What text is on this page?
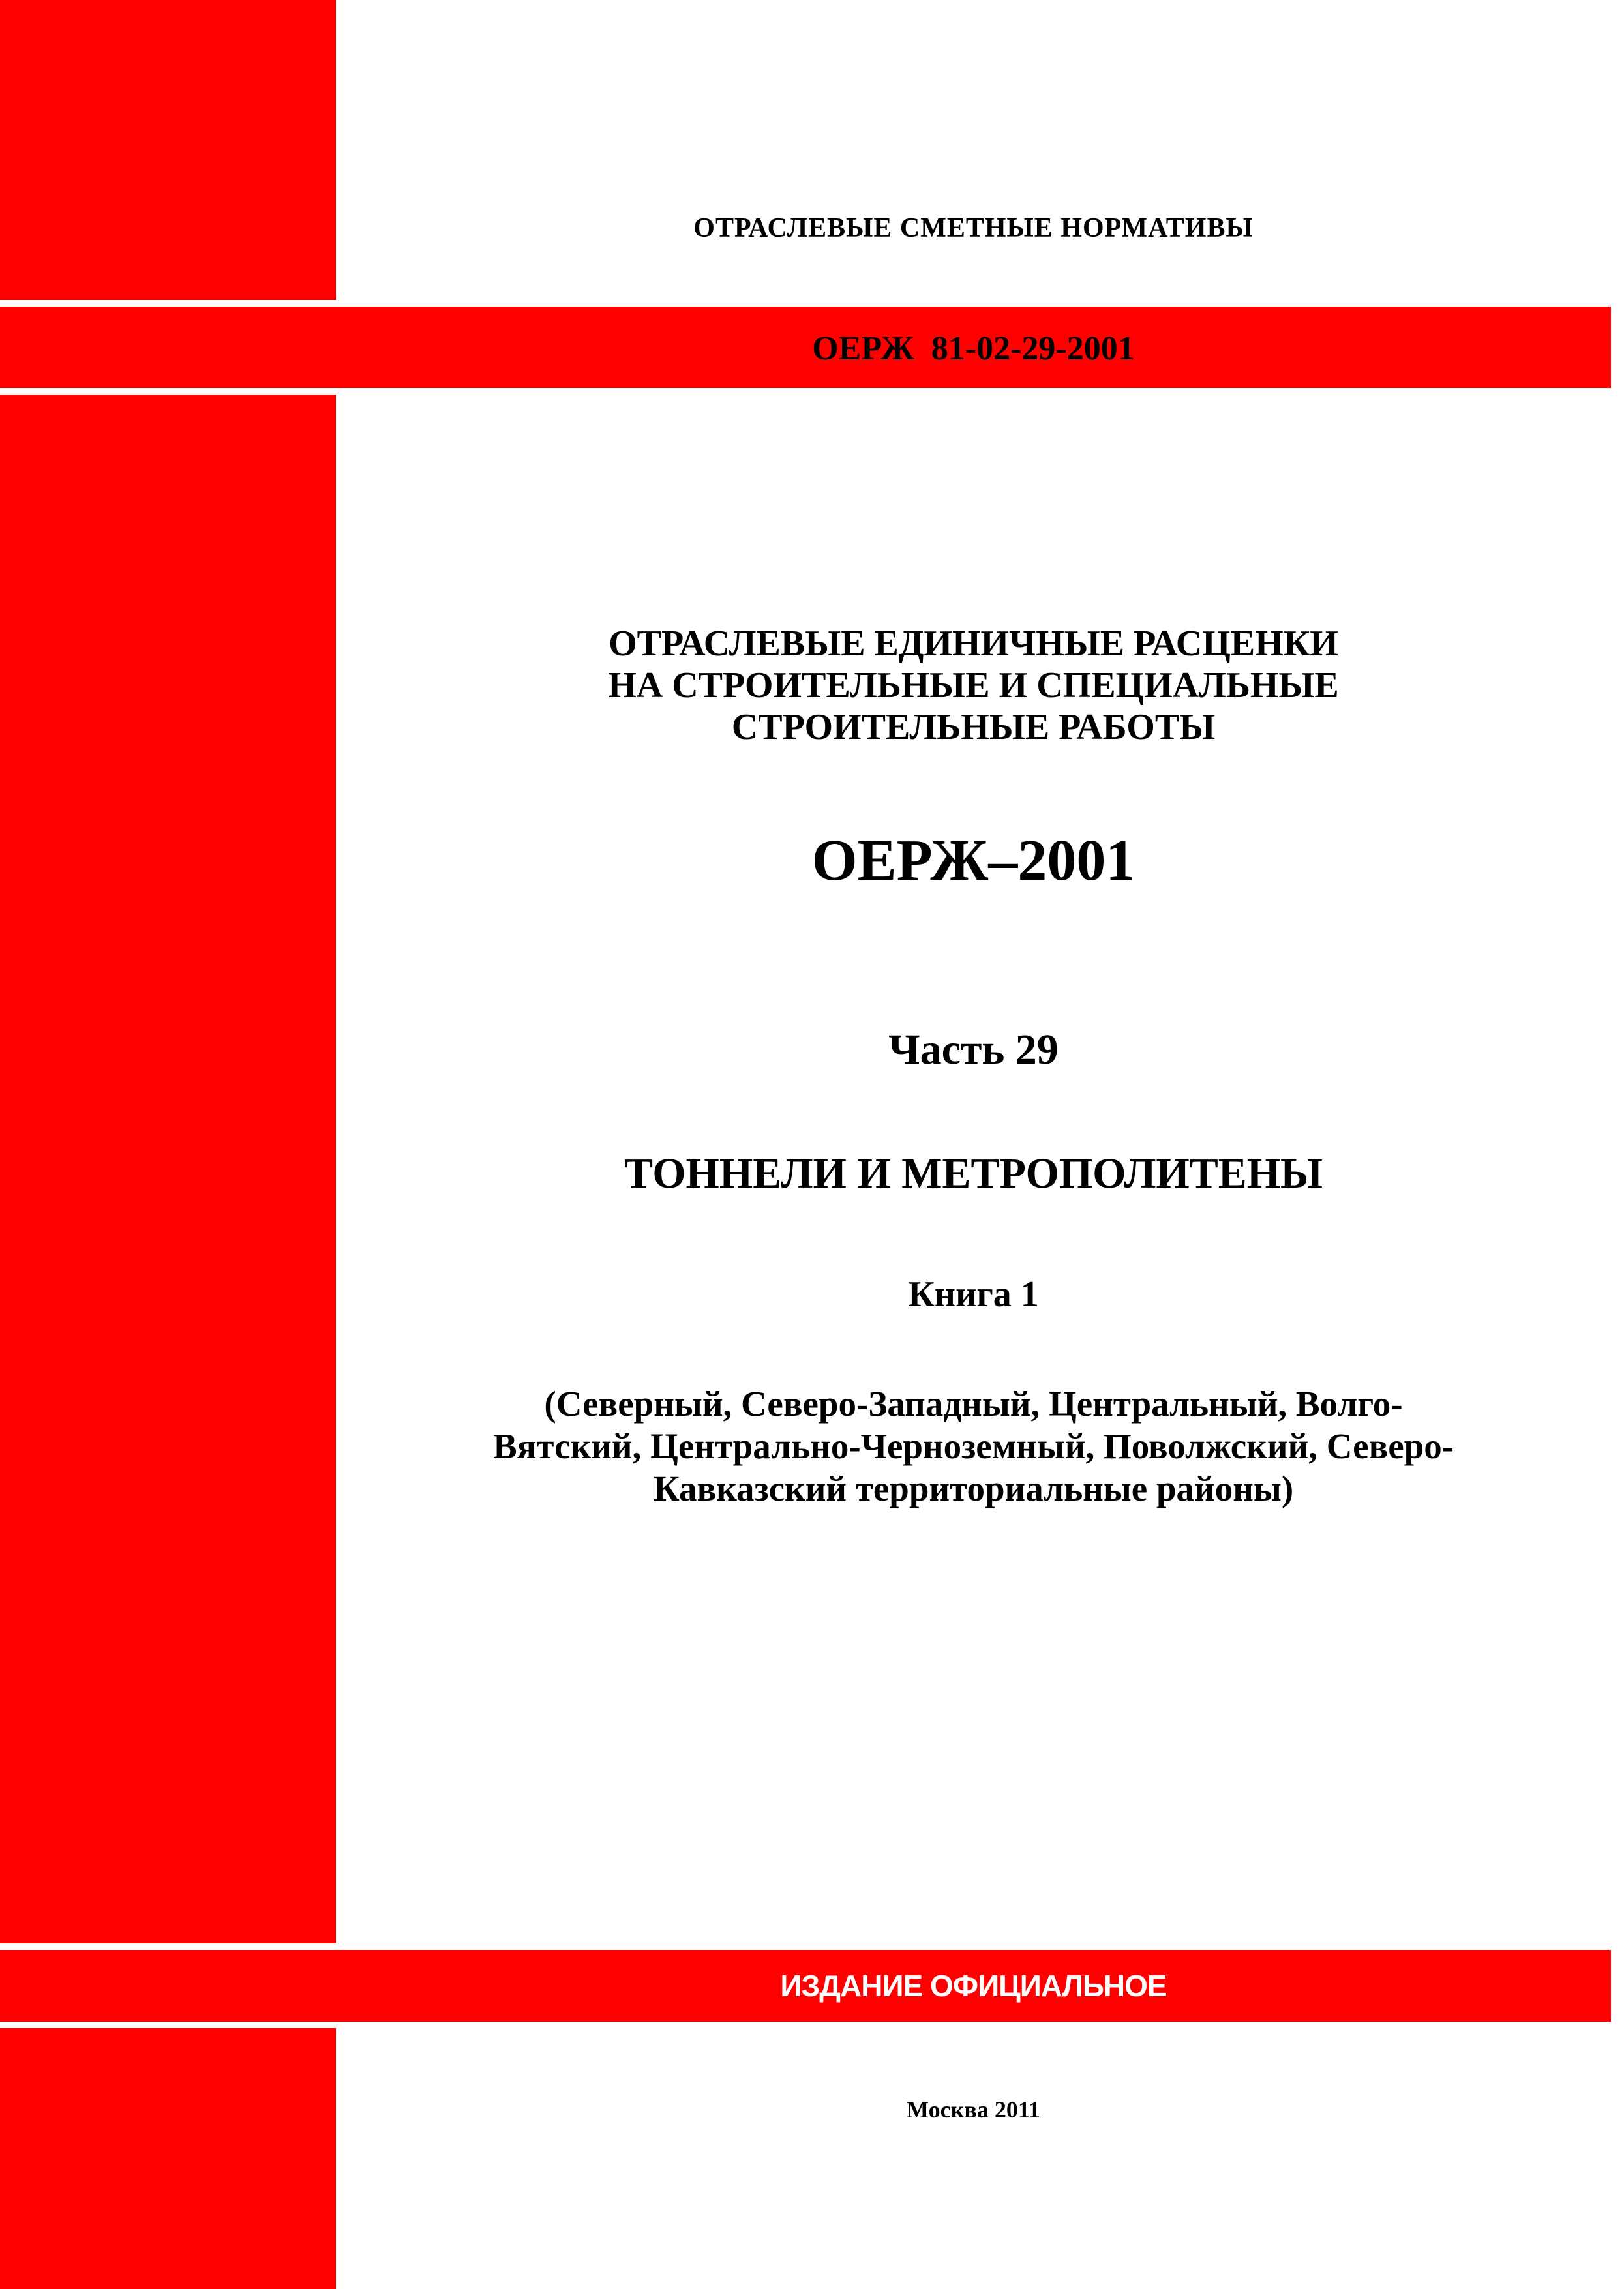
ОТРАСЛЕВЫЕ СМЕТНЫЕ НОРМАТИВЫ

ОЕРЖ  81-02-29-2001

ОТРАСЛЕВЫЕ ЕДИНИЧНЫЕ РАСЦЕНКИ
НА СТРОИТЕЛЬНЫЕ И СПЕЦИАЛЬНЫЕ
СТРОИТЕЛЬНЫЕ РАБОТЫ

ОЕРЖ–2001

Часть 29

ТОННЕЛИ И МЕТРОПОЛИТЕНЫ

Книга 1

(Северный, Северо-Западный, Центральный, Волго-
Вятский, Центрально-Черноземный, Поволжский, Северо-
Кавказский территориальные районы)

ИЗДАНИЕ ОФИЦИАЛЬНОЕ

Москва 2011
